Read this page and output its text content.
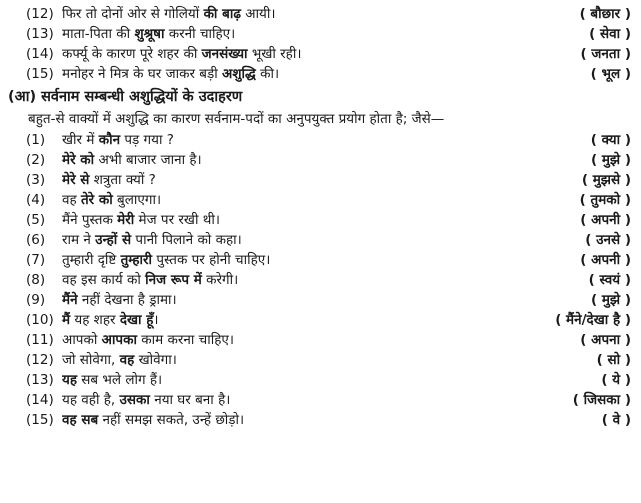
(12) फिर तो दोनों ओर से गोलियों की बाढ़ आयी।	( बौछार )
(13) माता-पिता की शुश्रूषा करनी चाहिए।	( सेवा )
(14) कर्फ्यू के कारण पूरे शहर की जनसंख्या भूखी रही।	( जनता )
(15) मनोहर ने मित्र के घर जाकर बड़ी अशुद्धि की।	( भूल )
(आ) सर्वनाम सम्बन्धी अशुद्धियों के उदाहरण
बहुत-से वाक्यों में अशुद्धि का कारण सर्वनाम-पदों का अनुपयुक्त प्रयोग होता है; जैसे—
(1)	खीर में कौन पड़ गया ?	( क्या )
(2)	मेरे को अभी बाजार जाना है।	( मुझे )
(3)	मेरे से शत्रुता क्यों ?	( मुझसे )
(4)	वह तेरे को बुलाएगा।	( तुमको )
(5)	मैंने पुस्तक मेरी मेज पर रखी थी।	( अपनी )
(6)	राम ने उन्हों से पानी पिलाने को कहा।	( उनसे )
(7)	तुम्हारी दृष्टि तुम्हारी पुस्तक पर होनी चाहिए।	( अपनी )
(8)	वह इस कार्य को निज रूप में करेगी।	( स्वयं )
(9)	मैंने नहीं देखना है ड्रामा।	( मुझे )
(10) मैं यह शहर देखा हूँ।	( मैंने/देखा है )
(11) आपको आपका काम करना चाहिए।	( अपना )
(12) जो सोवेगा, वह खोवेगा।	( सो )
(13) यह सब भले लोग हैं।	( ये )
(14) यह वही है, उसका नया घर बना है।	( जिसका )
(15) वह सब नहीं समझ सकते, उन्हें छोड़ो।	( वे )
